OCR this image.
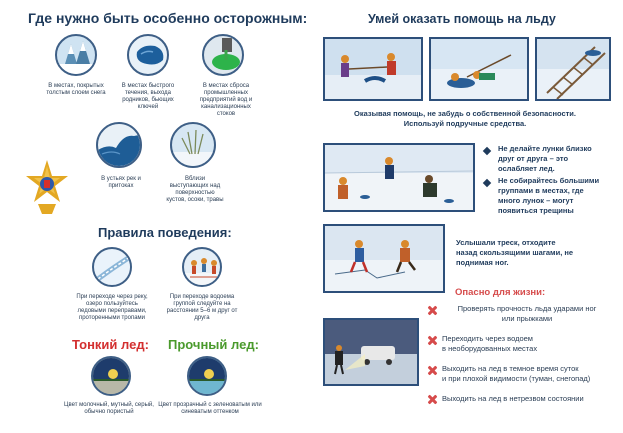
Где нужно быть особенно осторожным:
В местах, покрытых толстым слоем снега
В местах быстрого течения, выхода родников, бьющих ключей
В местах сброса промышленных предприятий вод и канализационных стоков
В устьях рек и притоках
Вблизи выступающих над поверхностью кустов, осоки, травы
Правила поведения:
При переходе через реку, озеро пользуйтесь ледовыми переправами, проторенными тропами
При переходе водоема группой следуйте на расстоянии 5–6 м друг от друга
Тонкий лед: Прочный лед:
Цвет молочный, мутный, серый, обычно пористый
Цвет прозрачный с зеленоватым или синеватым оттенком
Умей оказать помощь на льду
Оказывая помощь, не забудь о собственной безопасности.
Используй подручные средства.
Не делайте лунки близко
друг от друга – это
ослабляет лед.
Не собирайтесь большими
группами в местах, где
много лунок – могут
появиться трещины
Услышали треск, отходите
назад скользящими шагами, не
поднимая ног.
Опасно для жизни:
Проверять прочность льда ударами ног
или прыжками
Переходить через водоем
в необорудованных местах
Выходить на лед в темное время суток
и при плохой видимости (туман, снегопад)
Выходить на лед в нетрезвом состоянии
